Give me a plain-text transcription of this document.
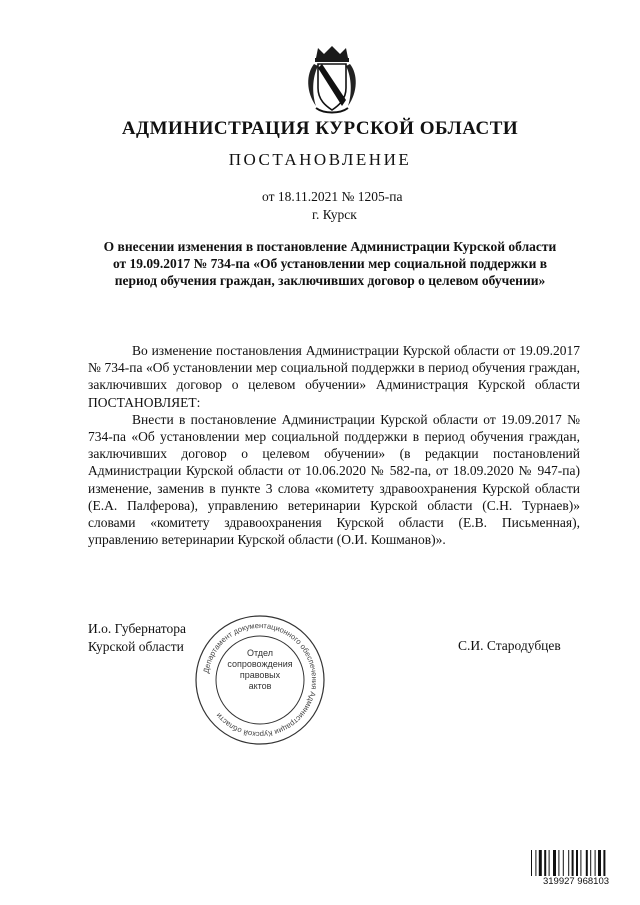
АДМИНИСТРАЦИЯ КУРСКОЙ ОБЛАСТИ
ПОСТАНОВЛЕНИЕ
от 18.11.2021 № 1205-па
г. Курск
О внесении изменения в постановление Администрации Курской области от 19.09.2017 № 734-па «Об установлении мер социальной поддержки в период обучения граждан, заключивших договор о целевом обучении»

Во изменение постановления Администрации Курской области от 19.09.2017 № 734-па «Об установлении мер социальной поддержки в период обучения граждан, заключивших договор о целевом обучении» Администрация Курской области ПОСТАНОВЛЯЕТ:

Внести в постановление Администрации Курской области от 19.09.2017 № 734-па «Об установлении мер социальной поддержки в период обучения граждан, заключивших договор о целевом обучении» (в редакции постановлений Администрации Курской области от 10.06.2020 № 582-па, от 18.09.2020 № 947-па) изменение, заменив в пункте 3 слова «комитету здравоохранения Курской области (Е.А. Палферова), управлению ветеринарии Курской области (С.Н. Турнаев)» словами «комитету здравоохранения Курской области (Е.В. Письменная), управлению ветеринарии Курской области (О.И. Кошманов)».

И.о. Губернатора
Курской области	С.И. Стародубцев
Департамент документационного обеспечения Администрации Курской области
Отдел
сопровождения
правовых
актов
319927 968103
